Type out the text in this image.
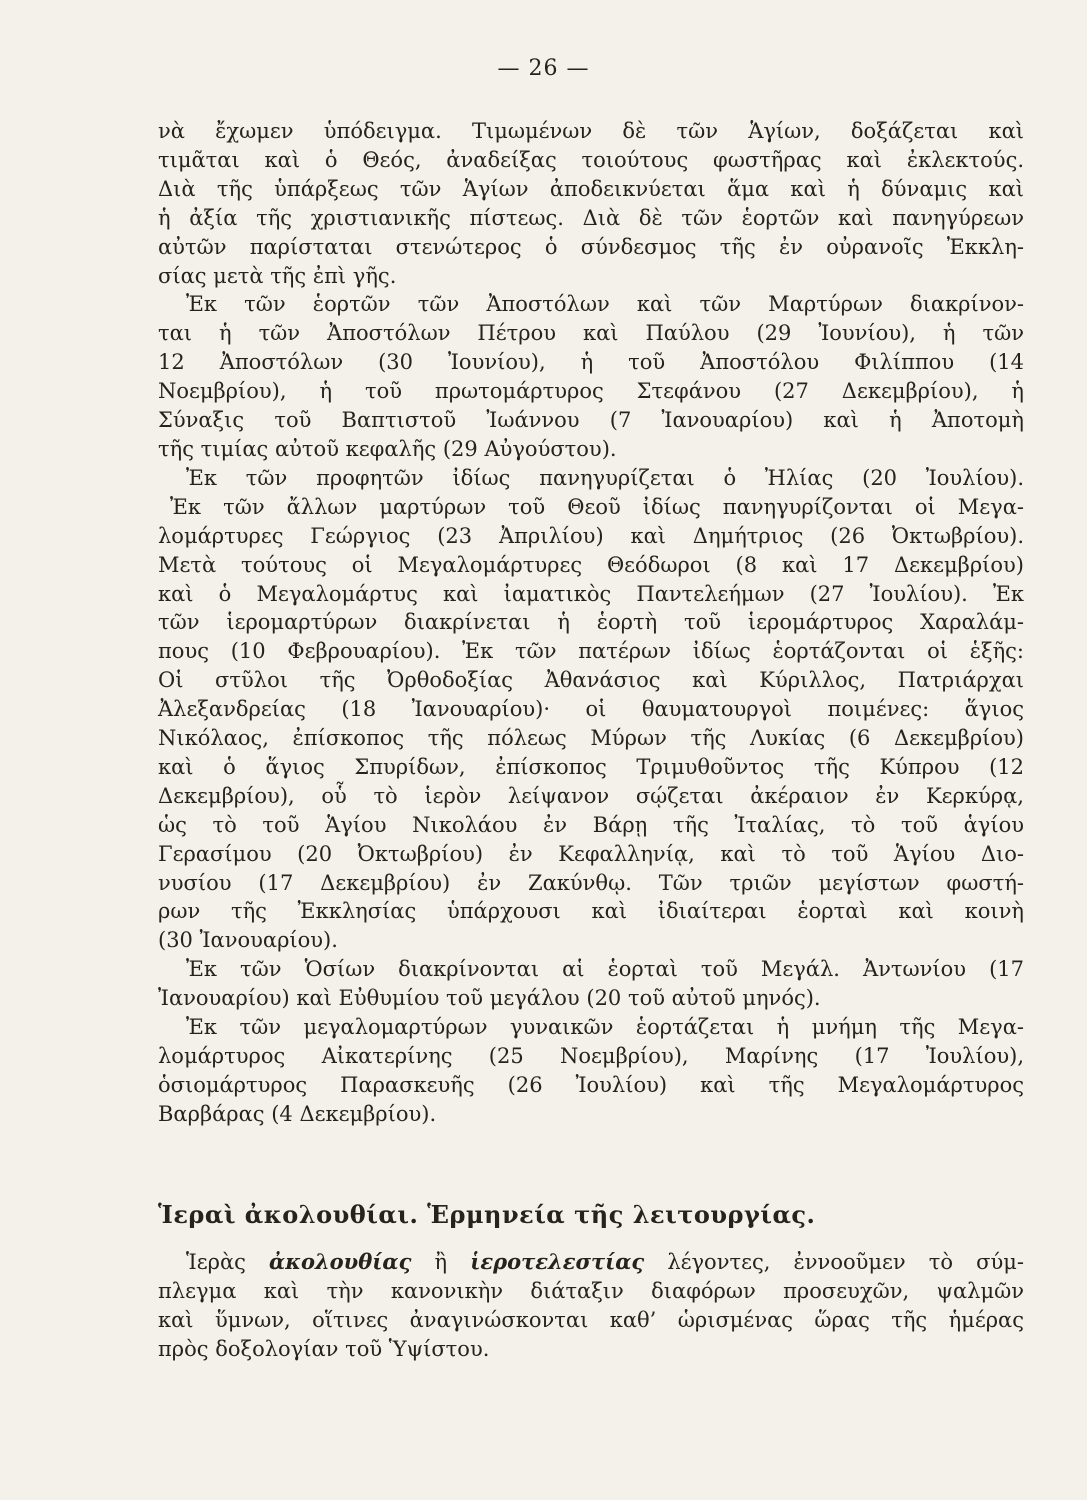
— 26 —

νὰ ἔχωμεν ὑπόδειγμα. Τιμωμένων δὲ τῶν Ἁγίων, δοξάζεται καὶ

τιμᾶται καὶ ὁ Θεός, ἀναδείξας τοιούτους φωστῆρας καὶ ἐκλεκτούς.

Διὰ τῆς ὑπάρξεως τῶν Ἁγίων ἀποδεικνύεται ἅμα καὶ ἡ δύναμις καὶ

ἡ ἀξία τῆς χριστιανικῆς πίστεως. Διὰ δὲ τῶν ἑορτῶν καὶ πανηγύρεων

αὐτῶν παρίσταται στενώτερος ὁ σύνδεσμος τῆς ἐν οὐρανοῖς Ἐκκλη-

σίας μετὰ τῆς ἐπὶ γῆς.

Ἐκ τῶν ἑορτῶν τῶν Ἀποστόλων καὶ τῶν Μαρτύρων διακρίνον-

ται ἡ τῶν Ἀποστόλων Πέτρου καὶ Παύλου (29 Ἰουνίου), ἡ τῶν

12 Ἀποστόλων (30 Ἰουνίου), ἡ τοῦ Ἀποστόλου Φιλίππου (14

Νοεμβρίου), ἡ τοῦ πρωτομάρτυρος Στεφάνου (27 Δεκεμβρίου), ἡ

Σύναξις τοῦ Βαπτιστοῦ Ἰωάννου (7 Ἰανουαρίου) καὶ ἡ Ἀποτομὴ

τῆς τιμίας αὐτοῦ κεφαλῆς (29 Αὐγούστου).

Ἐκ τῶν προφητῶν ἰδίως πανηγυρίζεται ὁ Ἠλίας (20 Ἰουλίου).

Ἐκ τῶν ἄλλων μαρτύρων τοῦ Θεοῦ ἰδίως πανηγυρίζονται οἱ Μεγα-

λομάρτυρες Γεώργιος (23 Ἀπριλίου) καὶ Δημήτριος (26 Ὀκτωβρίου).

Μετὰ τούτους οἱ Μεγαλομάρτυρες Θεόδωροι (8 καὶ 17 Δεκεμβρίου)

καὶ ὁ Μεγαλομάρτυς καὶ ἰαματικὸς Παντελεήμων (27 Ἰουλίου). Ἐκ

τῶν ἱερομαρτύρων διακρίνεται ἡ ἑορτὴ τοῦ ἱερομάρτυρος Χαραλάμ-

πους (10 Φεβρουαρίου). Ἐκ τῶν πατέρων ἰδίως ἑορτάζονται οἱ ἑξῆς:

Οἱ στῦλοι τῆς Ὀρθοδοξίας Ἀθανάσιος καὶ Κύριλλος, Πατριάρχαι

Ἀλεξανδρείας (18 Ἰανουαρίου)· οἱ θαυματουργοὶ ποιμένες: ἅγιος

Νικόλαος, ἐπίσκοπος τῆς πόλεως Μύρων τῆς Λυκίας (6 Δεκεμβρίου)

καὶ ὁ ἅγιος Σπυρίδων, ἐπίσκοπος Τριμυθοῦντος τῆς Κύπρου (12

Δεκεμβρίου), οὗ τὸ ἱερὸν λείψανον σῴζεται ἀκέραιον ἐν Κερκύρᾳ,

ὡς τὸ τοῦ Ἁγίου Νικολάου ἐν Βάρῃ τῆς Ἰταλίας, τὸ τοῦ ἁγίου

Γερασίμου (20 Ὀκτωβρίου) ἐν Κεφαλληνίᾳ, καὶ τὸ τοῦ Ἁγίου Διο-

νυσίου (17 Δεκεμβρίου) ἐν Ζακύνθῳ. Τῶν τριῶν μεγίστων φωστή-

ρων τῆς Ἐκκλησίας ὑπάρχουσι καὶ ἰδιαίτεραι ἑορταὶ καὶ κοινὴ

(30 Ἰανουαρίου).

Ἐκ τῶν Ὁσίων διακρίνονται αἱ ἑορταὶ τοῦ Μεγάλ. Ἀντωνίου (17

Ἰανουαρίου) καὶ Εὐθυμίου τοῦ μεγάλου (20 τοῦ αὐτοῦ μηνός).

Ἐκ τῶν μεγαλομαρτύρων γυναικῶν ἑορτάζεται ἡ μνήμη τῆς Μεγα-

λομάρτυρος Αἰκατερίνης (25 Νοεμβρίου), Μαρίνης (17 Ἰουλίου),

ὁσιομάρτυρος Παρασκευῆς (26 Ἰουλίου) καὶ τῆς Μεγαλομάρτυρος

Βαρβάρας (4 Δεκεμβρίου).

Ἱεραὶ ἀκολουθίαι. Ἑρμηνεία τῆς λειτουργίας.

Ἱερὰς ἀκολουθίας ἢ ἱεροτελεστίας λέγοντες, ἐννοοῦμεν τὸ σύμ-

πλεγμα καὶ τὴν κανονικὴν διάταξιν διαφόρων προσευχῶν, ψαλμῶν

καὶ ὕμνων, οἵτινες ἀναγινώσκονται καθ’ ὡρισμένας ὥρας τῆς ἡμέρας

πρὸς δοξολογίαν τοῦ Ὑψίστου.
